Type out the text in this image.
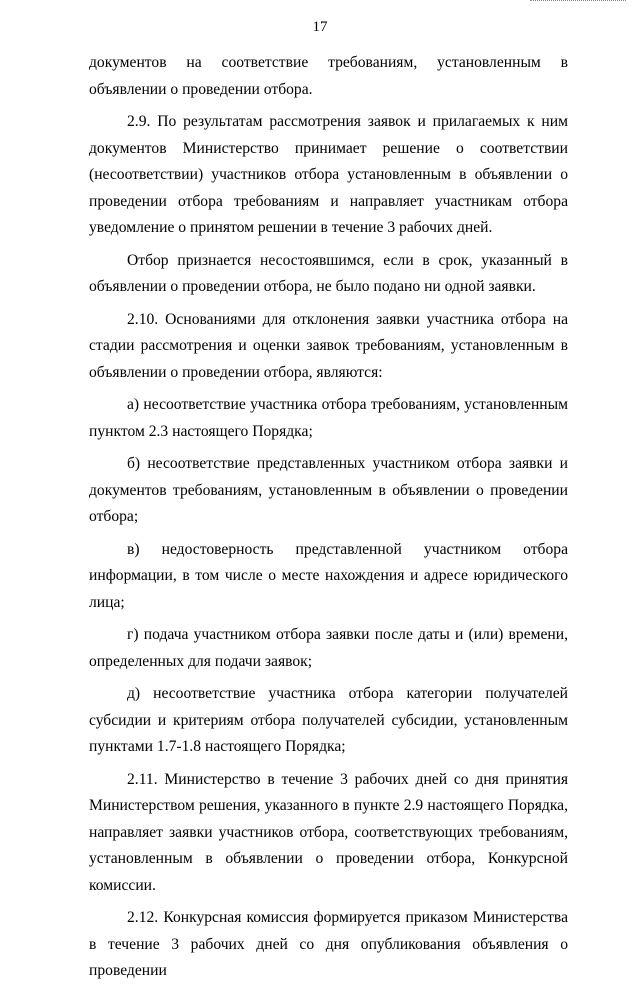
17

документов на соответствие требованиям, установленным в объявлении о проведении отбора.

2.9. По результатам рассмотрения заявок и прилагаемых к ним документов Министерство принимает решение о соответствии (несоответствии) участников отбора установленным в объявлении о проведении отбора требованиям и направляет участникам отбора уведомление о принятом решении в течение 3 рабочих дней.

Отбор признается несостоявшимся, если в срок, указанный в объявлении о проведении отбора, не было подано ни одной заявки.

2.10. Основаниями для отклонения заявки участника отбора на стадии рассмотрения и оценки заявок требованиям, установленным в объявлении о проведении отбора, являются:

а) несоответствие участника отбора требованиям, установленным пунктом 2.3 настоящего Порядка;

б) несоответствие представленных участником отбора заявки и документов требованиям, установленным в объявлении о проведении отбора;

в) недостоверность представленной участником отбора информации, в том числе о месте нахождения и адресе юридического лица;

г) подача участником отбора заявки после даты и (или) времени, определенных для подачи заявок;

д) несоответствие участника отбора категории получателей субсидии и критериям отбора получателей субсидии, установленным пунктами 1.7-1.8 настоящего Порядка;

2.11. Министерство в течение 3 рабочих дней со дня принятия Министерством решения, указанного в пункте 2.9 настоящего Порядка, направляет заявки участников отбора, соответствующих требованиям, установленным в объявлении о проведении отбора, Конкурсной комиссии.

2.12. Конкурсная комиссия формируется приказом Министерства в течение 3 рабочих дней со дня опубликования объявления о проведении
